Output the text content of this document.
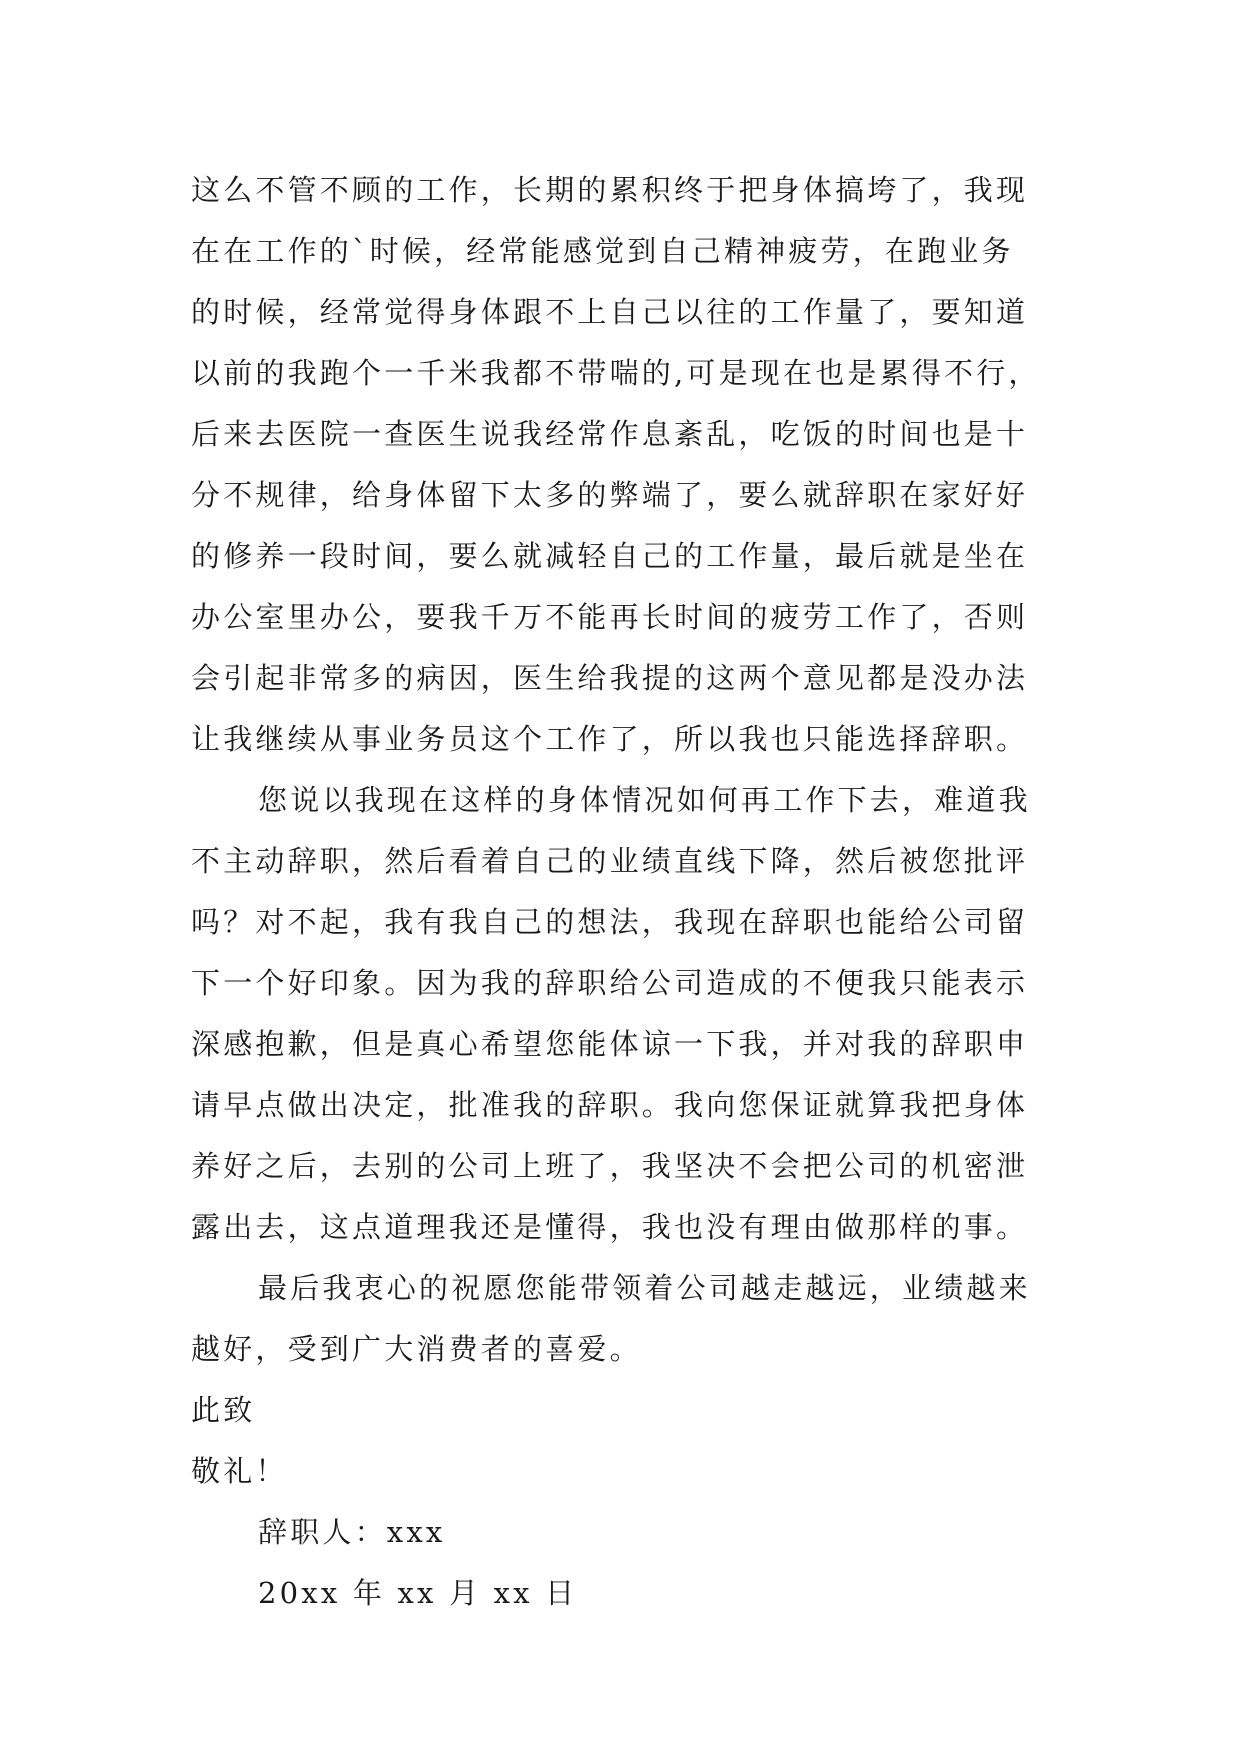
这么不管不顾的工作，长期的累积终于把身体搞垮了，我现
在在工作的`时候，经常能感觉到自己精神疲劳，在跑业务
的时候，经常觉得身体跟不上自己以往的工作量了，要知道
以前的我跑个一千米我都不带喘的,可是现在也是累得不行，
后来去医院一查医生说我经常作息紊乱，吃饭的时间也是十
分不规律，给身体留下太多的弊端了，要么就辞职在家好好
的修养一段时间，要么就减轻自己的工作量，最后就是坐在
办公室里办公，要我千万不能再长时间的疲劳工作了，否则
会引起非常多的病因，医生给我提的这两个意见都是没办法
让我继续从事业务员这个工作了，所以我也只能选择辞职。
您说以我现在这样的身体情况如何再工作下去，难道我
不主动辞职，然后看着自己的业绩直线下降，然后被您批评
吗？对不起，我有我自己的想法，我现在辞职也能给公司留
下一个好印象。因为我的辞职给公司造成的不便我只能表示
深感抱歉，但是真心希望您能体谅一下我，并对我的辞职申
请早点做出决定，批准我的辞职。我向您保证就算我把身体
养好之后，去别的公司上班了，我坚决不会把公司的机密泄
露出去，这点道理我还是懂得，我也没有理由做那样的事。
最后我衷心的祝愿您能带领着公司越走越远，业绩越来
越好，受到广大消费者的喜爱。
此致
敬礼！
辞职人：xxx
20xx 年 xx 月 xx 日
